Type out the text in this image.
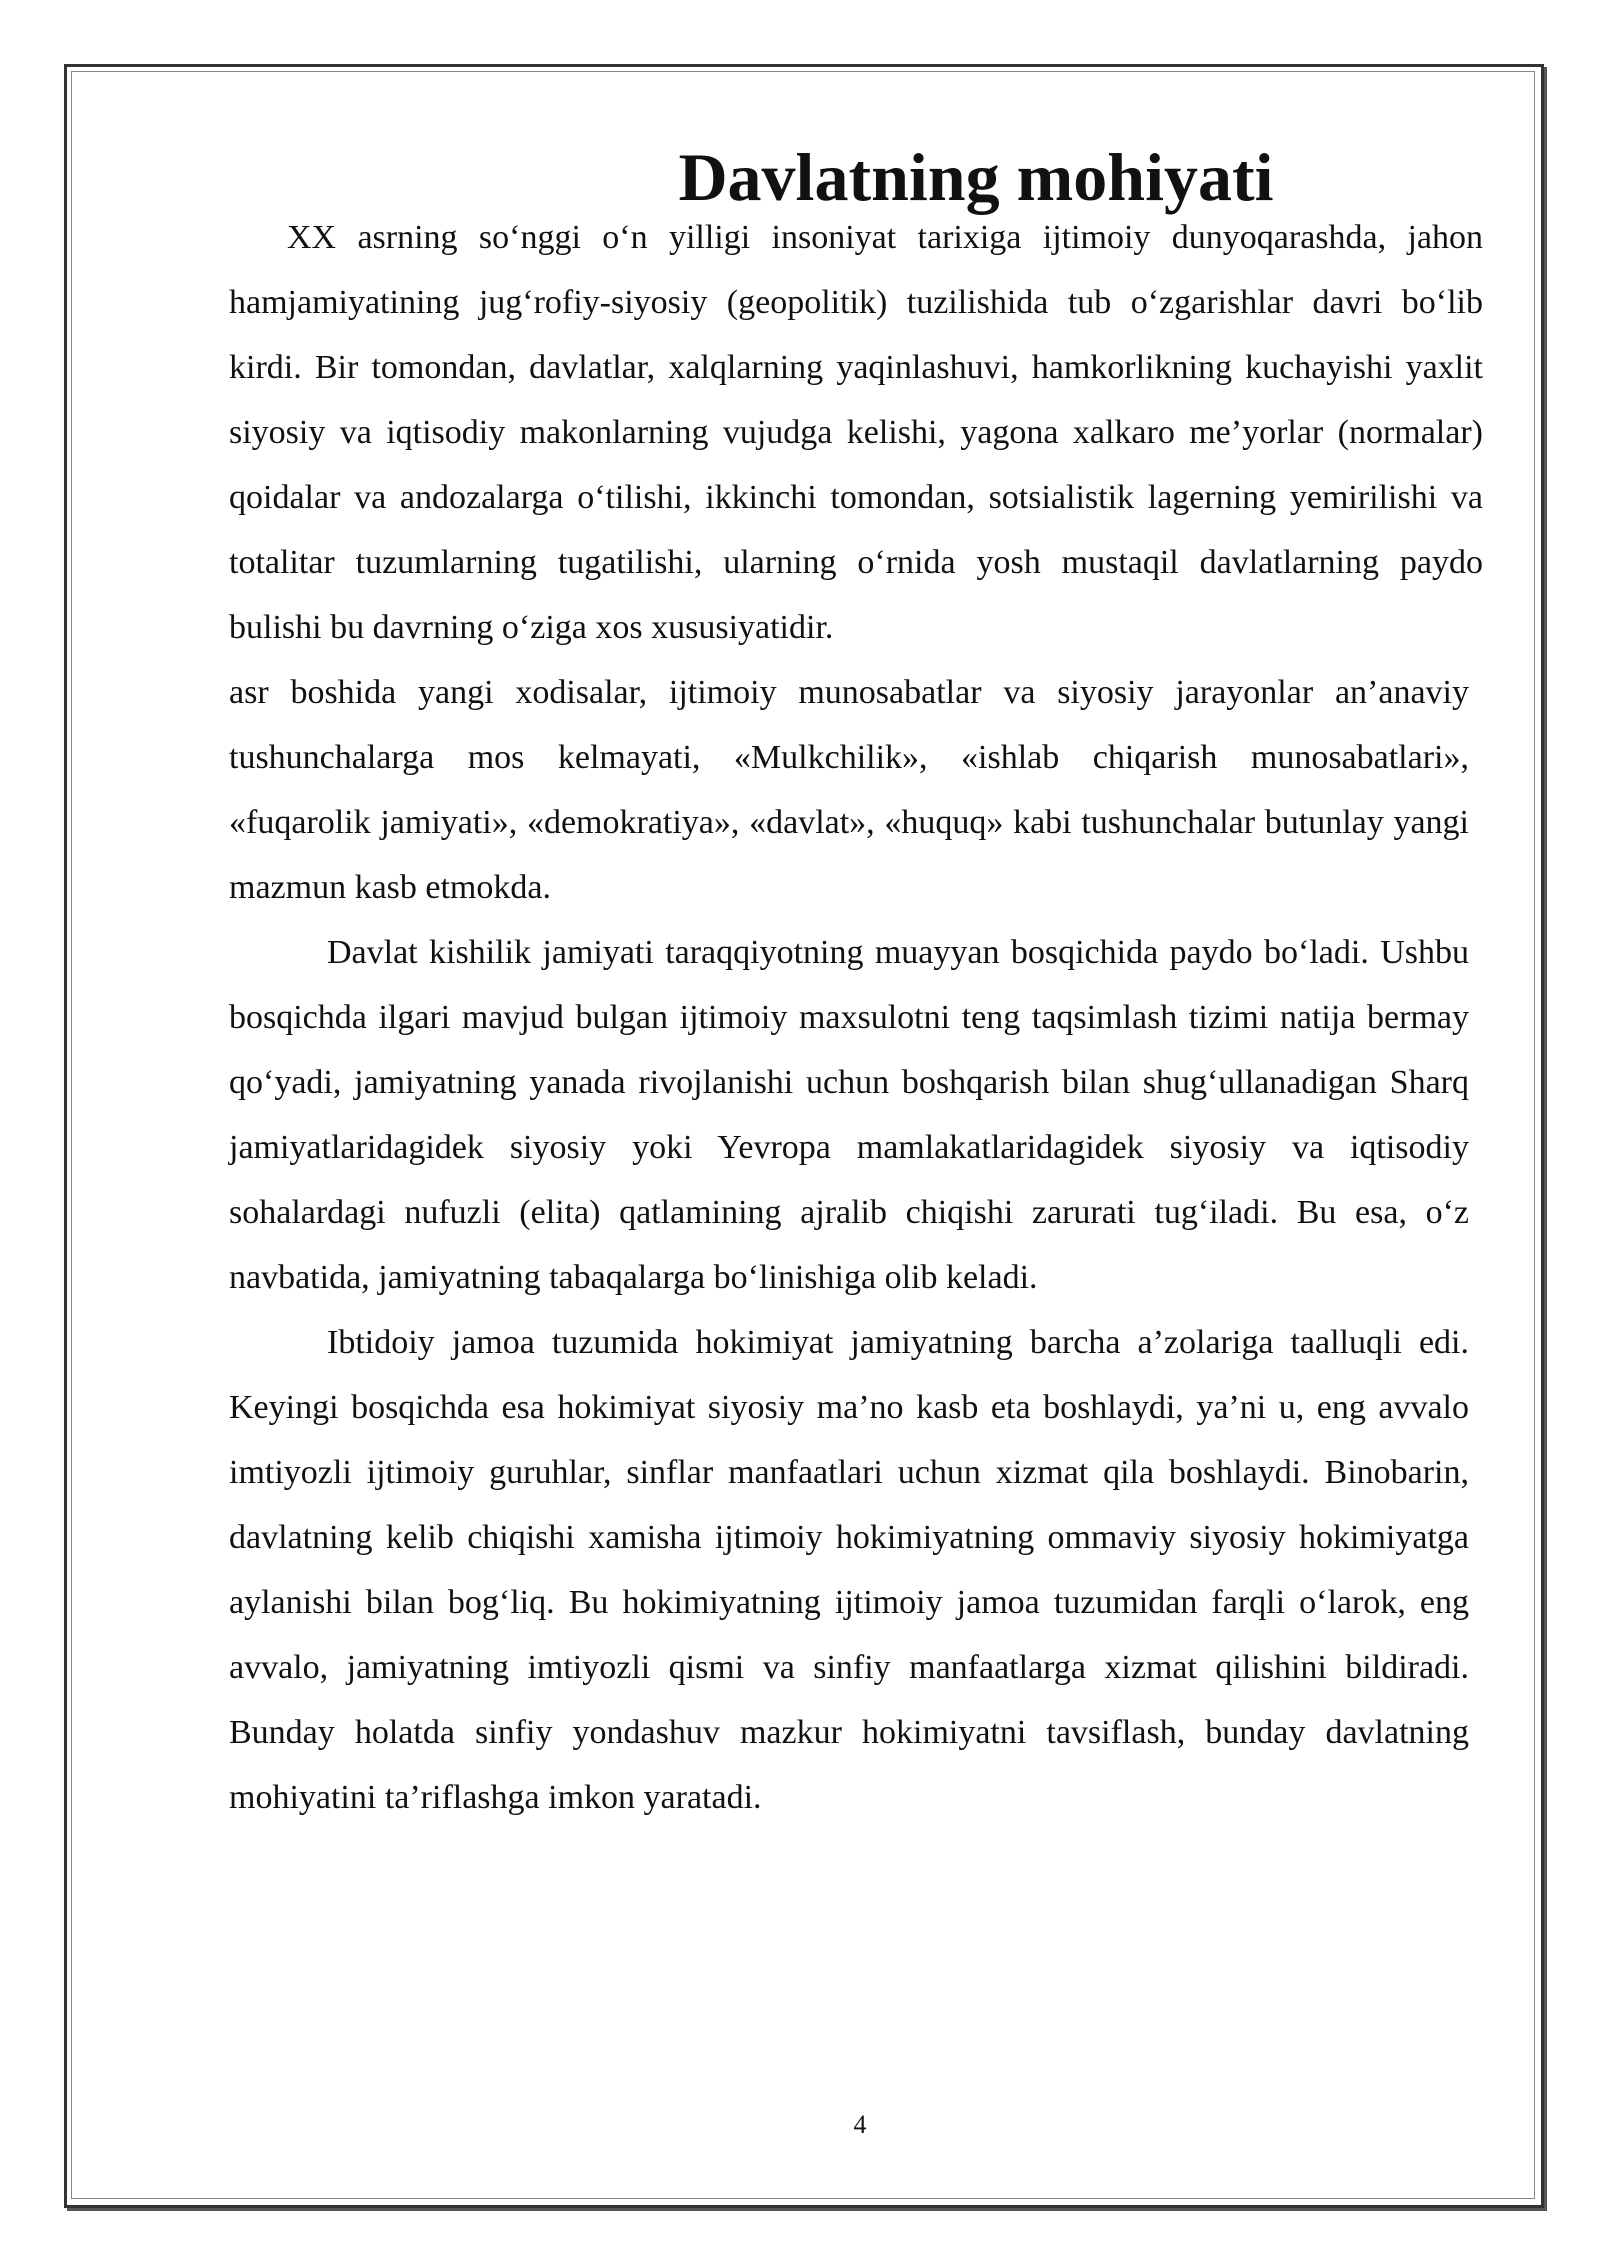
Davlatning mohiyati

XX asrning so‘nggi o‘n yilligi insoniyat tarixiga ijtimoiy dunyoqarashda, jahon hamjamiyatining jug‘rofiy-siyosiy (geopolitik) tuzilishida tub o‘zgarishlar davri bo‘lib kirdi. Bir tomondan, davlatlar, xalqlarning yaqinlashuvi, hamkorlikning kuchayishi yaxlit siyosiy va iqtisodiy makonlarning vujudga kelishi, yagona xalkaro me’yorlar (normalar) qoidalar va andozalarga o‘tilishi, ikkinchi tomondan, sotsialistik lagerning yemirilishi va totalitar tuzumlarning tugatilishi, ularning o‘rnida yosh mustaqil davlatlarning paydo bulishi bu davrning o‘ziga xos xususiyatidir.

asr boshida yangi xodisalar, ijtimoiy munosabatlar va siyosiy jarayonlar an’anaviy tushunchalarga mos kelmayati, «Mulkchilik», «ishlab chiqarish munosabatlari», «fuqarolik jamiyati», «demokratiya», «davlat», «huquq» kabi tushunchalar butunlay yangi mazmun kasb etmokda.

Davlat kishilik jamiyati taraqqiyotning muayyan bosqichida paydo bo‘ladi. Ushbu bosqichda ilgari mavjud bulgan ijtimoiy maxsulotni teng taqsimlash tizimi natija bermay qo‘yadi, jamiyatning yanada rivojlanishi uchun boshqarish bilan shug‘ullanadigan Sharq jamiyatlaridagidek siyosiy yoki Yevropa mamlakatlaridagidek siyosiy va iqtisodiy sohalardagi nufuzli (elita) qatlamining ajralib chiqishi zarurati tug‘iladi. Bu esa, o‘z navbatida, jamiyatning tabaqalarga bo‘linishiga olib keladi.

Ibtidoiy jamoa tuzumida hokimiyat jamiyatning barcha a’zolariga taalluqli edi. Keyingi bosqichda esa hokimiyat siyosiy ma’no kasb eta boshlaydi, ya’ni u, eng avvalo imtiyozli ijtimoiy guruhlar, sinflar manfaatlari uchun xizmat qila boshlaydi. Binobarin, davlatning kelib chiqishi xamisha ijtimoiy hokimiyatning ommaviy siyosiy hokimiyatga aylanishi bilan bog‘liq. Bu hokimiyatning ijtimoiy jamoa tuzumidan farqli o‘larok, eng avvalo, jamiyatning imtiyozli qismi va sinfiy manfaatlarga xizmat qilishini bildiradi. Bunday holatda sinfiy yondashuv mazkur hokimiyatni tavsiflash, bunday davlatning mohiyatini ta’riflashga imkon yaratadi.

4
